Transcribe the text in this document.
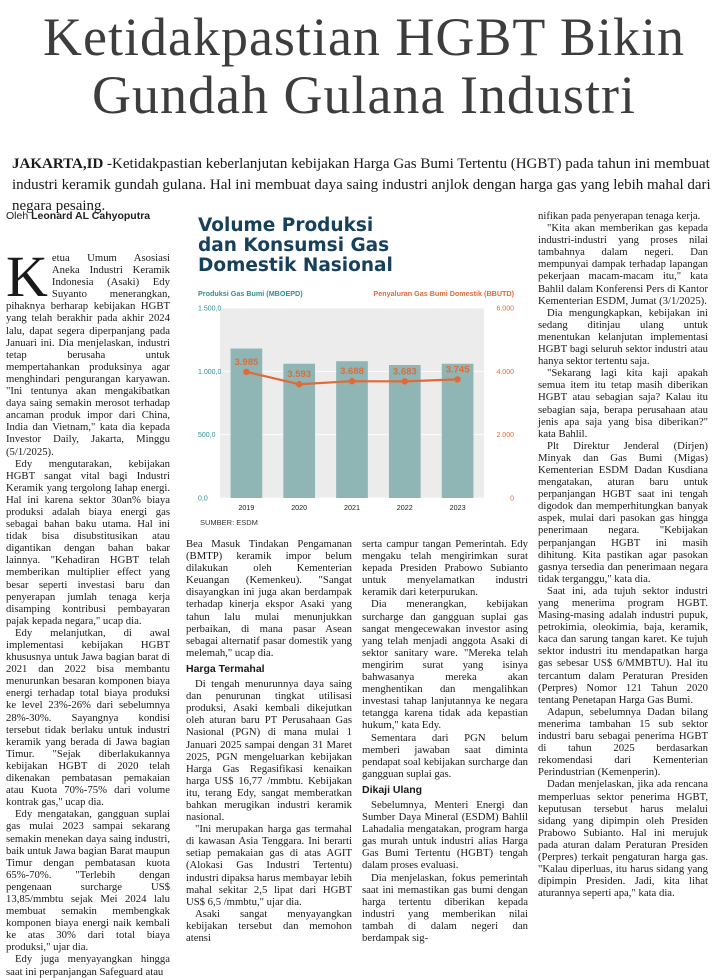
Ketidakpastian HGBT Bikin
Gundah Gulana Industri

JAKARTA,ID -Ketidakpastian keberlanjutan kebijakan Harga Gas Bumi Tertentu (HGBT) pada tahun ini membuat industri keramik gundah gulana. Hal ini membuat daya saing industri anjlok dengan harga gas yang lebih mahal dari negara pesaing.

Oleh Leonard AL Cahyoputra

Ketua Umum Asosiasi Aneka Industri Keramik Indonesia (Asaki) Edy Suyanto menerangkan, pihaknya berharap kebijakan HGBT yang telah berakhir pada akhir 2024 lalu, dapat segera diperpanjang pada Januari ini. Dia menjelaskan, industri tetap berusaha untuk mempertahankan produksinya agar menghindari pengurangan karyawan. "Ini tentunya akan mengakibatkan daya saing semakin merosot terhadap ancaman produk impor dari China, India dan Vietnam," kata dia kepada Investor Daily, Jakarta, Minggu (5/1/2025).

Edy mengutarakan, kebijakan HGBT sangat vital bagi Industri Keramik yang tergolong lahap energi. Hal ini karena sektor 30an% biaya produksi adalah biaya energi gas sebagai bahan baku utama. Hal ini tidak bisa disubstitusikan atau digantikan dengan bahan bakar lainnya. "Kehadiran HGBT telah memberikan multiplier effect yang besar seperti investasi baru dan penyerapan jumlah tenaga kerja disamping kontribusi pembayaran pajak kepada negara," ucap dia.

Edy melanjutkan, di awal implementasi kebijakan HGBT khususnya untuk Jawa bagian barat di 2021 dan 2022 bisa membantu menurunkan besaran komponen biaya energi terhadap total biaya produksi ke level 23%-26% dari sebelumnya 28%-30%. Sayangnya kondisi tersebut tidak berlaku untuk industri keramik yang berada di Jawa bagian Timur. "Sejak diberlakukannya kebijakan HGBT di 2020 telah dikenakan pembatasan pemakaian atau Kuota 70%-75% dari volume kontrak gas," ucap dia.

Edy mengatakan, gangguan suplai gas mulai 2023 sampai sekarang semakin menekan daya saing industri, baik untuk Jawa bagian Barat maupun Timur dengan pembatasan kuota 65%-70%. "Terlebih dengan pengenaan surcharge US$ 13,85/mmbtu sejak Mei 2024 lalu membuat semakin membengkak komponen biaya energi naik kembali ke atas 30% dari total biaya produksi," ujar dia.

Edy juga menyayangkan hingga saat ini perpanjangan Safeguard atau

Volume Produksi
dan Konsumsi Gas
Domestik Nasional
Produksi Gas Bumi (MBOEPD)	Penyaluran Gas Bumi Domestik (BBUTD)
0,0
500,0
1.000,0
1.500,0
0
2.000
4.000
6.000
2019	2020	2021	2022	2023
3.985
3.593	3.688	3.683	3.745
SUMBER: ESDM

Bea Masuk Tindakan Pengamanan (BMTP) keramik impor belum dilakukan oleh Kementerian Keuangan (Kemenkeu). "Sangat disayangkan ini juga akan berdampak terhadap kinerja ekspor Asaki yang tahun lalu mulai menunjukkan perbaikan, di mana pasar Asean sebagai alternatif pasar domestik yang melemah," ucap dia.

Harga Termahal

Di tengah menurunnya daya saing dan penurunan tingkat utilisasi produksi, Asaki kembali dikejutkan oleh aturan baru PT Perusahaan Gas Nasional (PGN) di mana mulai 1 Januari 2025 sampai dengan 31 Maret 2025, PGN mengeluarkan kebijakan Harga Gas Regasifikasi kenaikan harga US$ 16,77 /mmbtu. Kebijakan itu, terang Edy, sangat memberatkan bahkan merugikan industri keramik nasional.

"Ini merupakan harga gas termahal di kawasan Asia Tenggara. Ini berarti setiap pemakaian gas di atas AGIT (Alokasi Gas Industri Tertentu) industri dipaksa harus membayar lebih mahal sekitar 2,5 lipat dari HGBT US$ 6,5 /mmbtu," ujar dia.

Asaki sangat menyayangkan kebijakan tersebut dan memohon atensi

serta campur tangan Pemerintah. Edy mengaku telah mengirimkan surat kepada Presiden Prabowo Subianto untuk menyelamatkan industri keramik dari keterpurukan.

Dia menerangkan, kebijakan surcharge dan gangguan suplai gas sangat mengecewakan investor asing yang telah menjadi anggota Asaki di sektor sanitary ware. "Mereka telah mengirim surat yang isinya bahwasanya mereka akan menghentikan dan mengalihkan investasi tahap lanjutannya ke negara tetangga karena tidak ada kepastian hukum," kata Edy.

Sementara dari PGN belum memberi jawaban saat diminta pendapat soal kebijakan surcharge dan gangguan suplai gas.

Dikaji Ulang

Sebelumnya, Menteri Energi dan Sumber Daya Mineral (ESDM) Bahlil Lahadalia mengatakan, program harga gas murah untuk industri alias Harga Gas Bumi Tertentu (HGBT) tengah dalam proses evaluasi.

Dia menjelaskan, fokus pemerintah saat ini memastikan gas bumi dengan harga tertentu diberikan kepada industri yang memberikan nilai tambah di dalam negeri dan berdampak sig-

nifikan pada penyerapan tenaga kerja.

"Kita akan memberikan gas kepada industri-industri yang proses nilai tambahnya dalam negeri. Dan mempunyai dampak terhadap lapangan pekerjaan macam-macam itu," kata Bahlil dalam Konferensi Pers di Kantor Kementerian ESDM, Jumat (3/1/2025).

Dia mengungkapkan, kebijakan ini sedang ditinjau ulang untuk menentukan kelanjutan implementasi HGBT bagi seluruh sektor industri atau hanya sektor tertentu saja.

"Sekarang lagi kita kaji apakah semua item itu tetap masih diberikan HGBT atau sebagian saja? Kalau itu sebagian saja, berapa perusahaan atau jenis apa saja yang bisa diberikan?" kata Bahlil.

Plt Direktur Jenderal (Dirjen) Minyak dan Gas Bumi (Migas) Kementerian ESDM Dadan Kusdiana mengatakan, aturan baru untuk perpanjangan HGBT saat ini tengah digodok dan memperhitungkan banyak aspek, mulai dari pasokan gas hingga penerimaan negara. "Kebijakan perpanjangan HGBT ini masih dihitung. Kita pastikan agar pasokan gasnya tersedia dan penerimaan negara tidak terganggu," kata dia.

Saat ini, ada tujuh sektor industri yang menerima program HGBT. Masing-masing adalah industri pupuk, petrokimia, oleokimia, baja, keramik, kaca dan sarung tangan karet. Ke tujuh sektor industri itu mendapatkan harga gas sebesar US$ 6/MMBTU). Hal itu tercantum dalam Peraturan Presiden (Perpres) Nomor 121 Tahun 2020 tentang Penetapan Harga Gas Bumi.

Adapun, sebelumnya Dadan bilang menerima tambahan 15 sub sektor industri baru sebagai penerima HGBT di tahun 2025 berdasarkan rekomendasi dari Kementerian Perindustrian (Kemenperin).

Dadan menjelaskan, jika ada rencana memperluas sektor penerima HGBT, keputusan tersebut harus melalui sidang yang dipimpin oleh Presiden Prabowo Subianto. Hal ini merujuk pada aturan dalam Peraturan Presiden (Perpres) terkait pengaturan harga gas. "Kalau diperluas, itu harus sidang yang dipimpin Presiden. Jadi, kita lihat aturannya seperti apa," kata dia.
